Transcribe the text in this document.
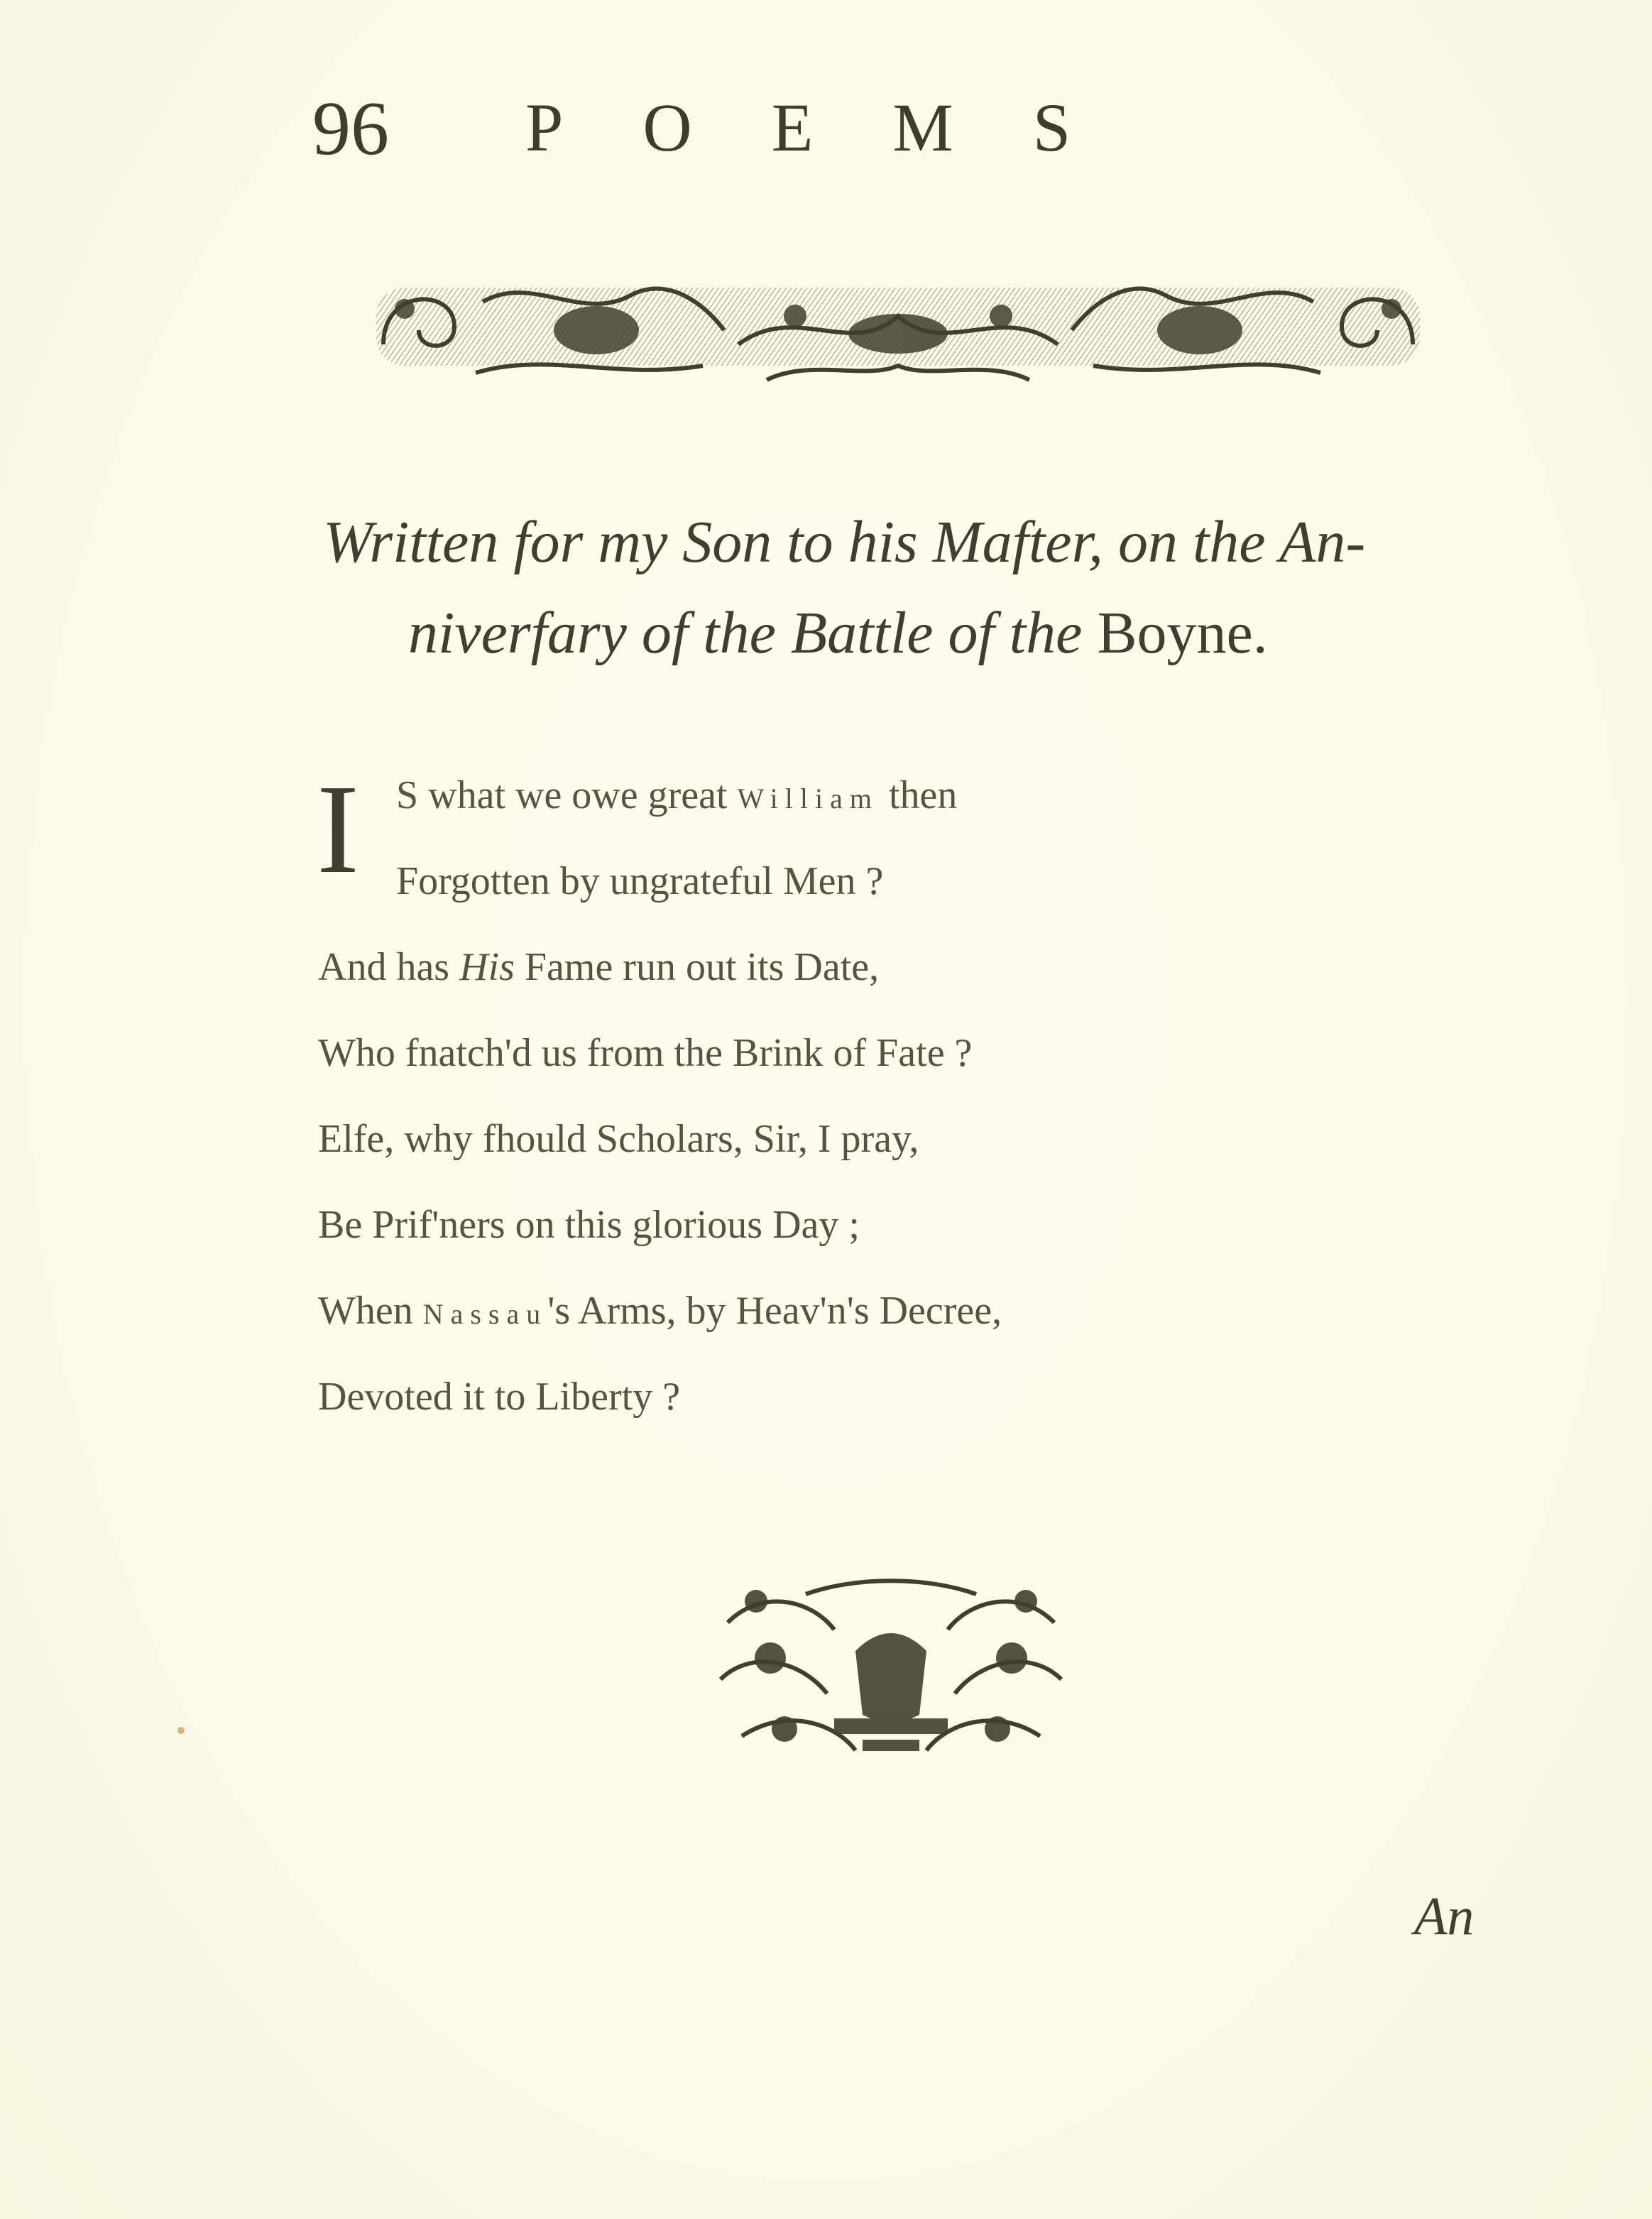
96 POEMS
Written for my Son to his Mafter, on the An-
niverfary of the Battle of the Boyne.
I S what we owe great William then
Forgotten by ungrateful Men ?
And has His Fame run out its Date,
Who fnatch'd us from the Brink of Fate ?
Elfe, why fhould Scholars, Sir, I pray,
Be Prif'ners on this glorious Day ;
When Nassau's Arms, by Heav'n's Decree,
Devoted it to Liberty ?
An
